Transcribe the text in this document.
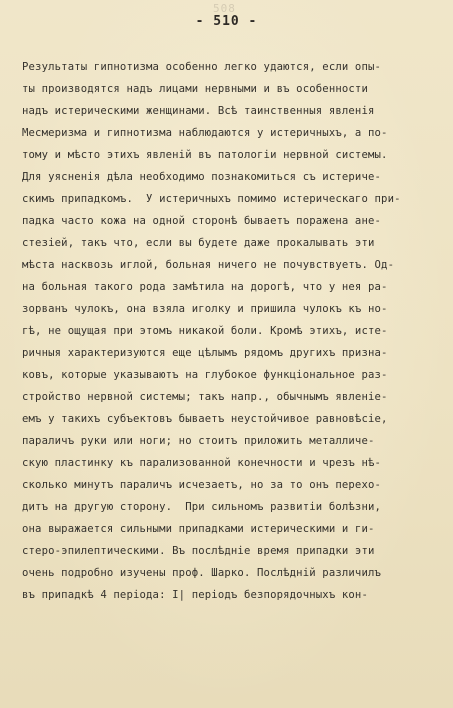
508
- 510 -
Результаты гипнотизма особенно легко удаются, если опы-
ты производятся надъ лицами нервными и въ особенности
надъ истерическими женщинами. Всѣ таинственныя явленія
Месмеризма и гипнотизма наблюдаются у истеричныхъ, а по-
тому и мѣсто этихъ явленій въ патологіи нервной системы.
Для уясненія дѣла необходимо познакомиться съ истериче-
скимъ припадкомъ.  У истеричныхъ помимо истерическаго при-
падка часто кожа на одной сторонѣ бываетъ поражена ане-
стезіей, такъ что, если вы будете даже прокалывать эти
мѣста насквозь иглой, больная ничего не почувствуетъ. Од-
на больная такого рода замѣтила на дорогѣ, что у нея ра-
зорванъ чулокъ, она взяла иголку и пришила чулокъ къ но-
гѣ, не ощущая при этомъ никакой боли. Кромѣ этихъ, исте-
ричныя характеризуются еще цѣлымъ рядомъ другихъ призна-
ковъ, которые указываютъ на глубокое функціональное раз-
стройство нервной системы; такъ напр., обычнымъ явленіе-
емъ у такихъ субъектовъ бываетъ неустойчивое равновѣсіе,
параличъ руки или ноги; но стоитъ приложить металличе-
скую пластинку къ парализованной конечности и чрезъ нѣ-
сколько минутъ параличъ исчезаетъ, но за то онъ перехо-
дитъ на другую сторону.  При сильномъ развитіи болѣзни,
она выражается сильными припадками истерическими и ги-
стеро-эпилептическими. Въ послѣдніе время припадки эти
очень подробно изучены проф. Шарко. Послѣдній различилъ
въ припадкѣ 4 періода: I| періодъ безпорядочныхъ кон-
